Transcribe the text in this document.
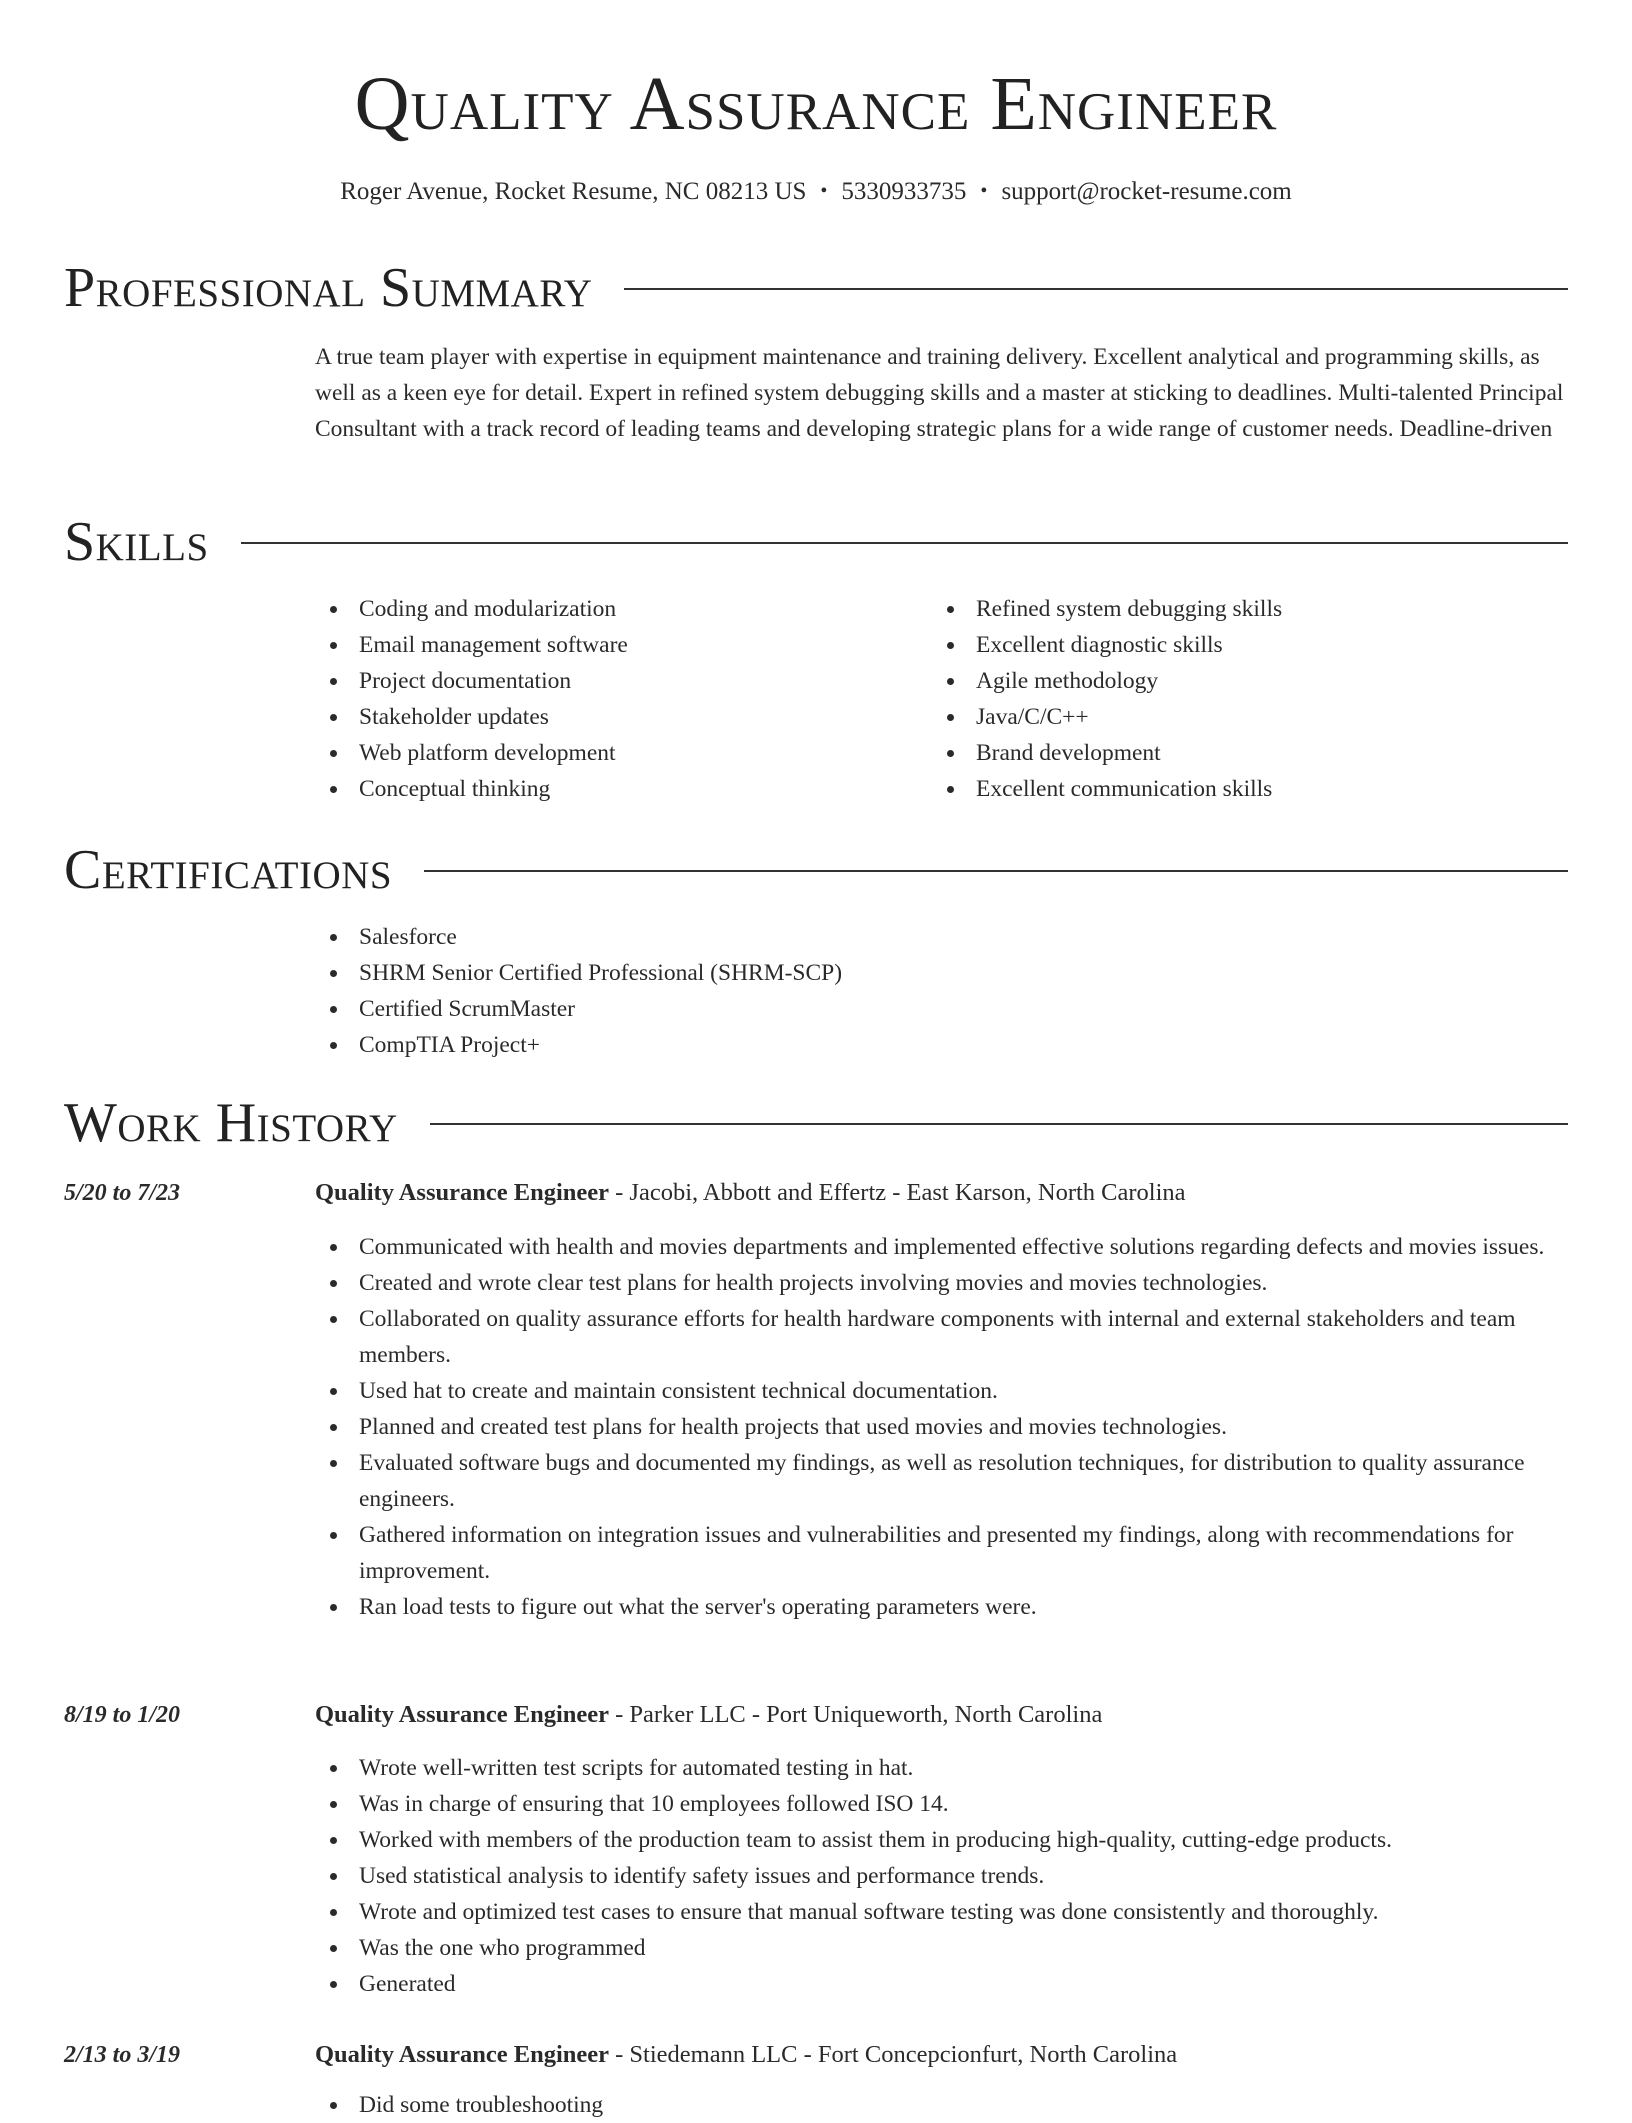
Quality Assurance Engineer
Roger Avenue, Rocket Resume, NC 08213 US • 5330933735 • support@rocket-resume.com
Professional Summary
A true team player with expertise in equipment maintenance and training delivery. Excellent analytical and programming skills, as well as a keen eye for detail. Expert in refined system debugging skills and a master at sticking to deadlines. Multi-talented Principal Consultant with a track record of leading teams and developing strategic plans for a wide range of customer needs. Deadline-driven
Skills
Coding and modularization
Email management software
Project documentation
Stakeholder updates
Web platform development
Conceptual thinking
Refined system debugging skills
Excellent diagnostic skills
Agile methodology
Java/C/C++
Brand development
Excellent communication skills
Certifications
Salesforce
SHRM Senior Certified Professional (SHRM-SCP)
Certified ScrumMaster
CompTIA Project+
Work History
5/20 to 7/23	Quality Assurance Engineer - Jacobi, Abbott and Effertz - East Karson, North Carolina
Communicated with health and movies departments and implemented effective solutions regarding defects and movies issues.
Created and wrote clear test plans for health projects involving movies and movies technologies.
Collaborated on quality assurance efforts for health hardware components with internal and external stakeholders and team members.
Used hat to create and maintain consistent technical documentation.
Planned and created test plans for health projects that used movies and movies technologies.
Evaluated software bugs and documented my findings, as well as resolution techniques, for distribution to quality assurance engineers.
Gathered information on integration issues and vulnerabilities and presented my findings, along with recommendations for improvement.
Ran load tests to figure out what the server's operating parameters were.
8/19 to 1/20	Quality Assurance Engineer - Parker LLC - Port Uniqueworth, North Carolina
Wrote well-written test scripts for automated testing in hat.
Was in charge of ensuring that 10 employees followed ISO 14.
Worked with members of the production team to assist them in producing high-quality, cutting-edge products.
Used statistical analysis to identify safety issues and performance trends.
Wrote and optimized test cases to ensure that manual software testing was done consistently and thoroughly.
Was the one who programmed
Generated
2/13 to 3/19	Quality Assurance Engineer - Stiedemann LLC - Fort Concepcionfurt, North Carolina
Did some troubleshooting
